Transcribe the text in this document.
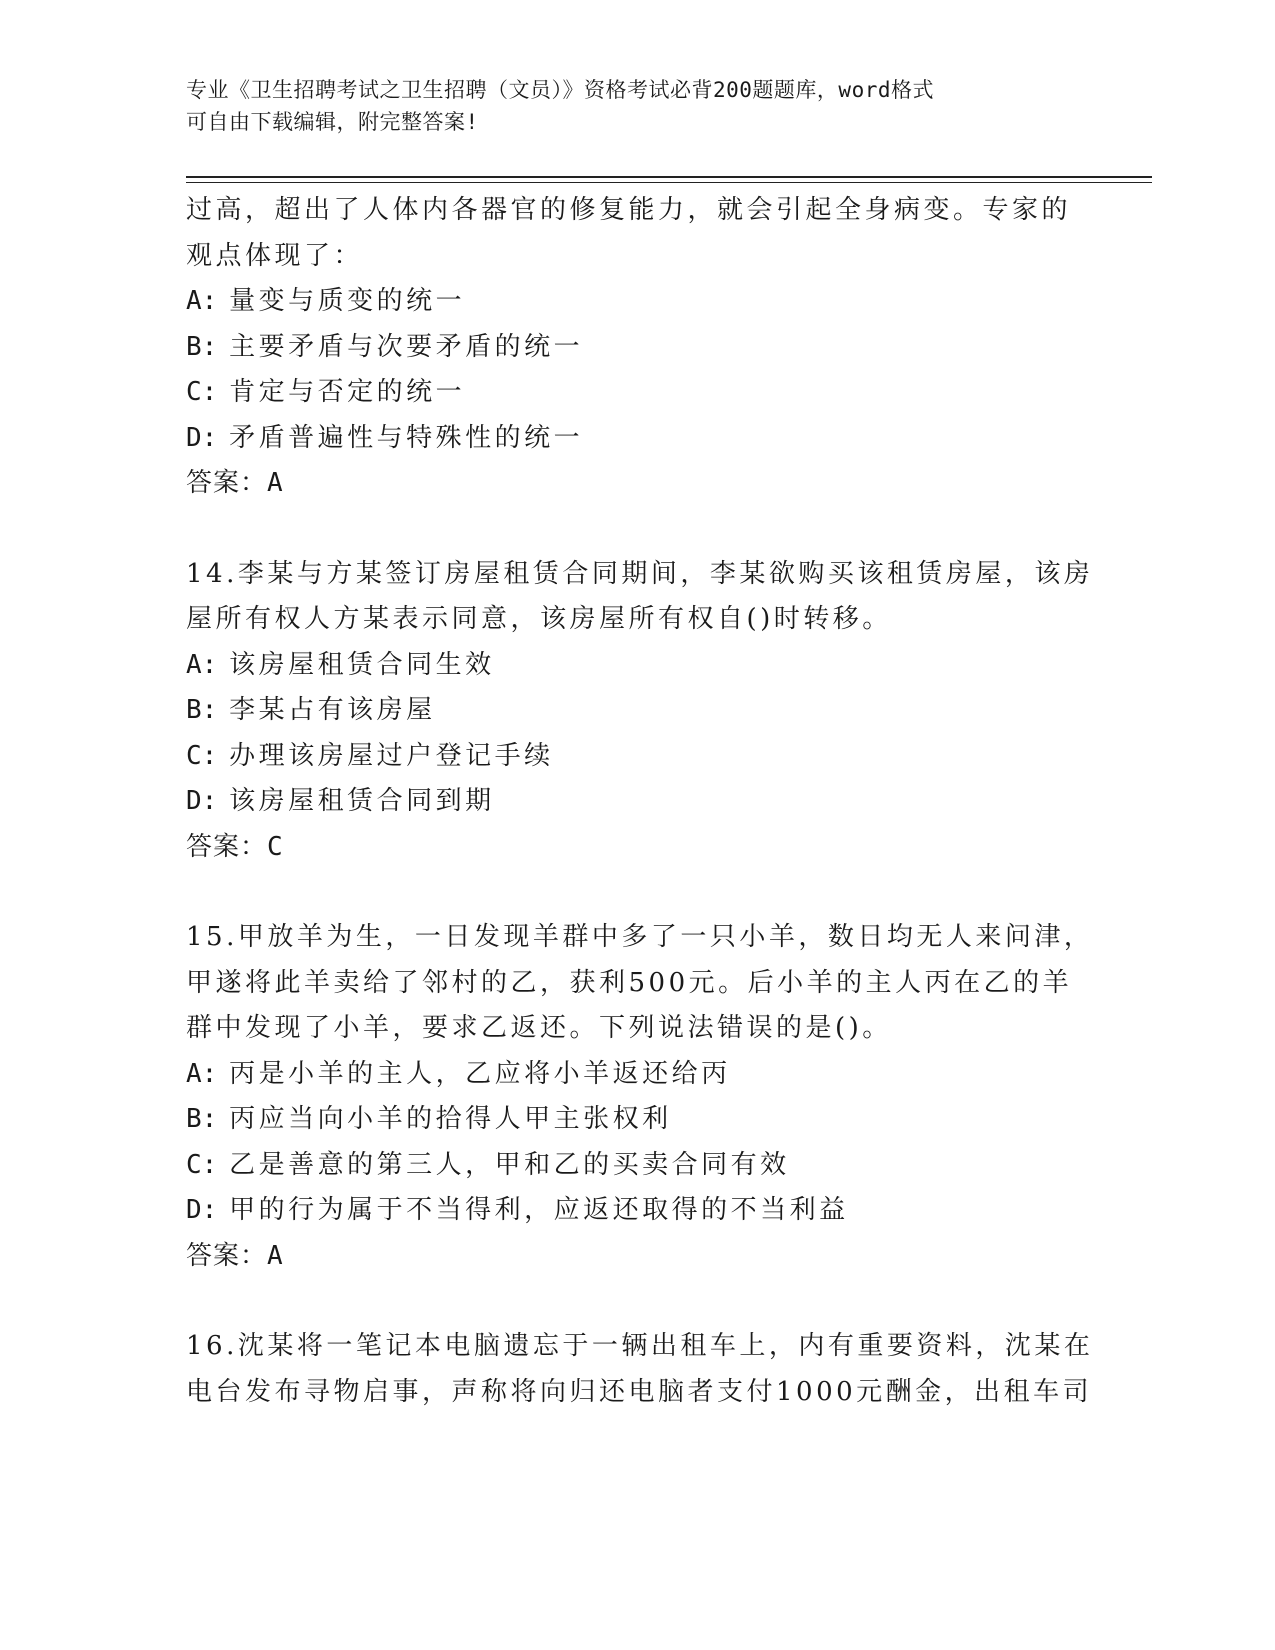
专业《卫生招聘考试之卫生招聘（文员）》资格考试必背200题题库，word格式
可自由下载编辑，附完整答案!
过高，超出了人体内各器官的修复能力，就会引起全身病变。专家的
观点体现了：
A: 量变与质变的统一
B: 主要矛盾与次要矛盾的统一
C: 肯定与否定的统一
D: 矛盾普遍性与特殊性的统一
答案：A
14.李某与方某签订房屋租赁合同期间，李某欲购买该租赁房屋，该房
屋所有权人方某表示同意，该房屋所有权自()时转移。
A: 该房屋租赁合同生效
B: 李某占有该房屋
C: 办理该房屋过户登记手续
D: 该房屋租赁合同到期
答案：C
15.甲放羊为生，一日发现羊群中多了一只小羊，数日均无人来问津，
甲遂将此羊卖给了邻村的乙，获利500元。后小羊的主人丙在乙的羊
群中发现了小羊，要求乙返还。下列说法错误的是()。
A: 丙是小羊的主人，乙应将小羊返还给丙
B: 丙应当向小羊的拾得人甲主张权利
C: 乙是善意的第三人，甲和乙的买卖合同有效
D: 甲的行为属于不当得利，应返还取得的不当利益
答案：A
16.沈某将一笔记本电脑遗忘于一辆出租车上，内有重要资料，沈某在
电台发布寻物启事，声称将向归还电脑者支付1000元酬金，出租车司
